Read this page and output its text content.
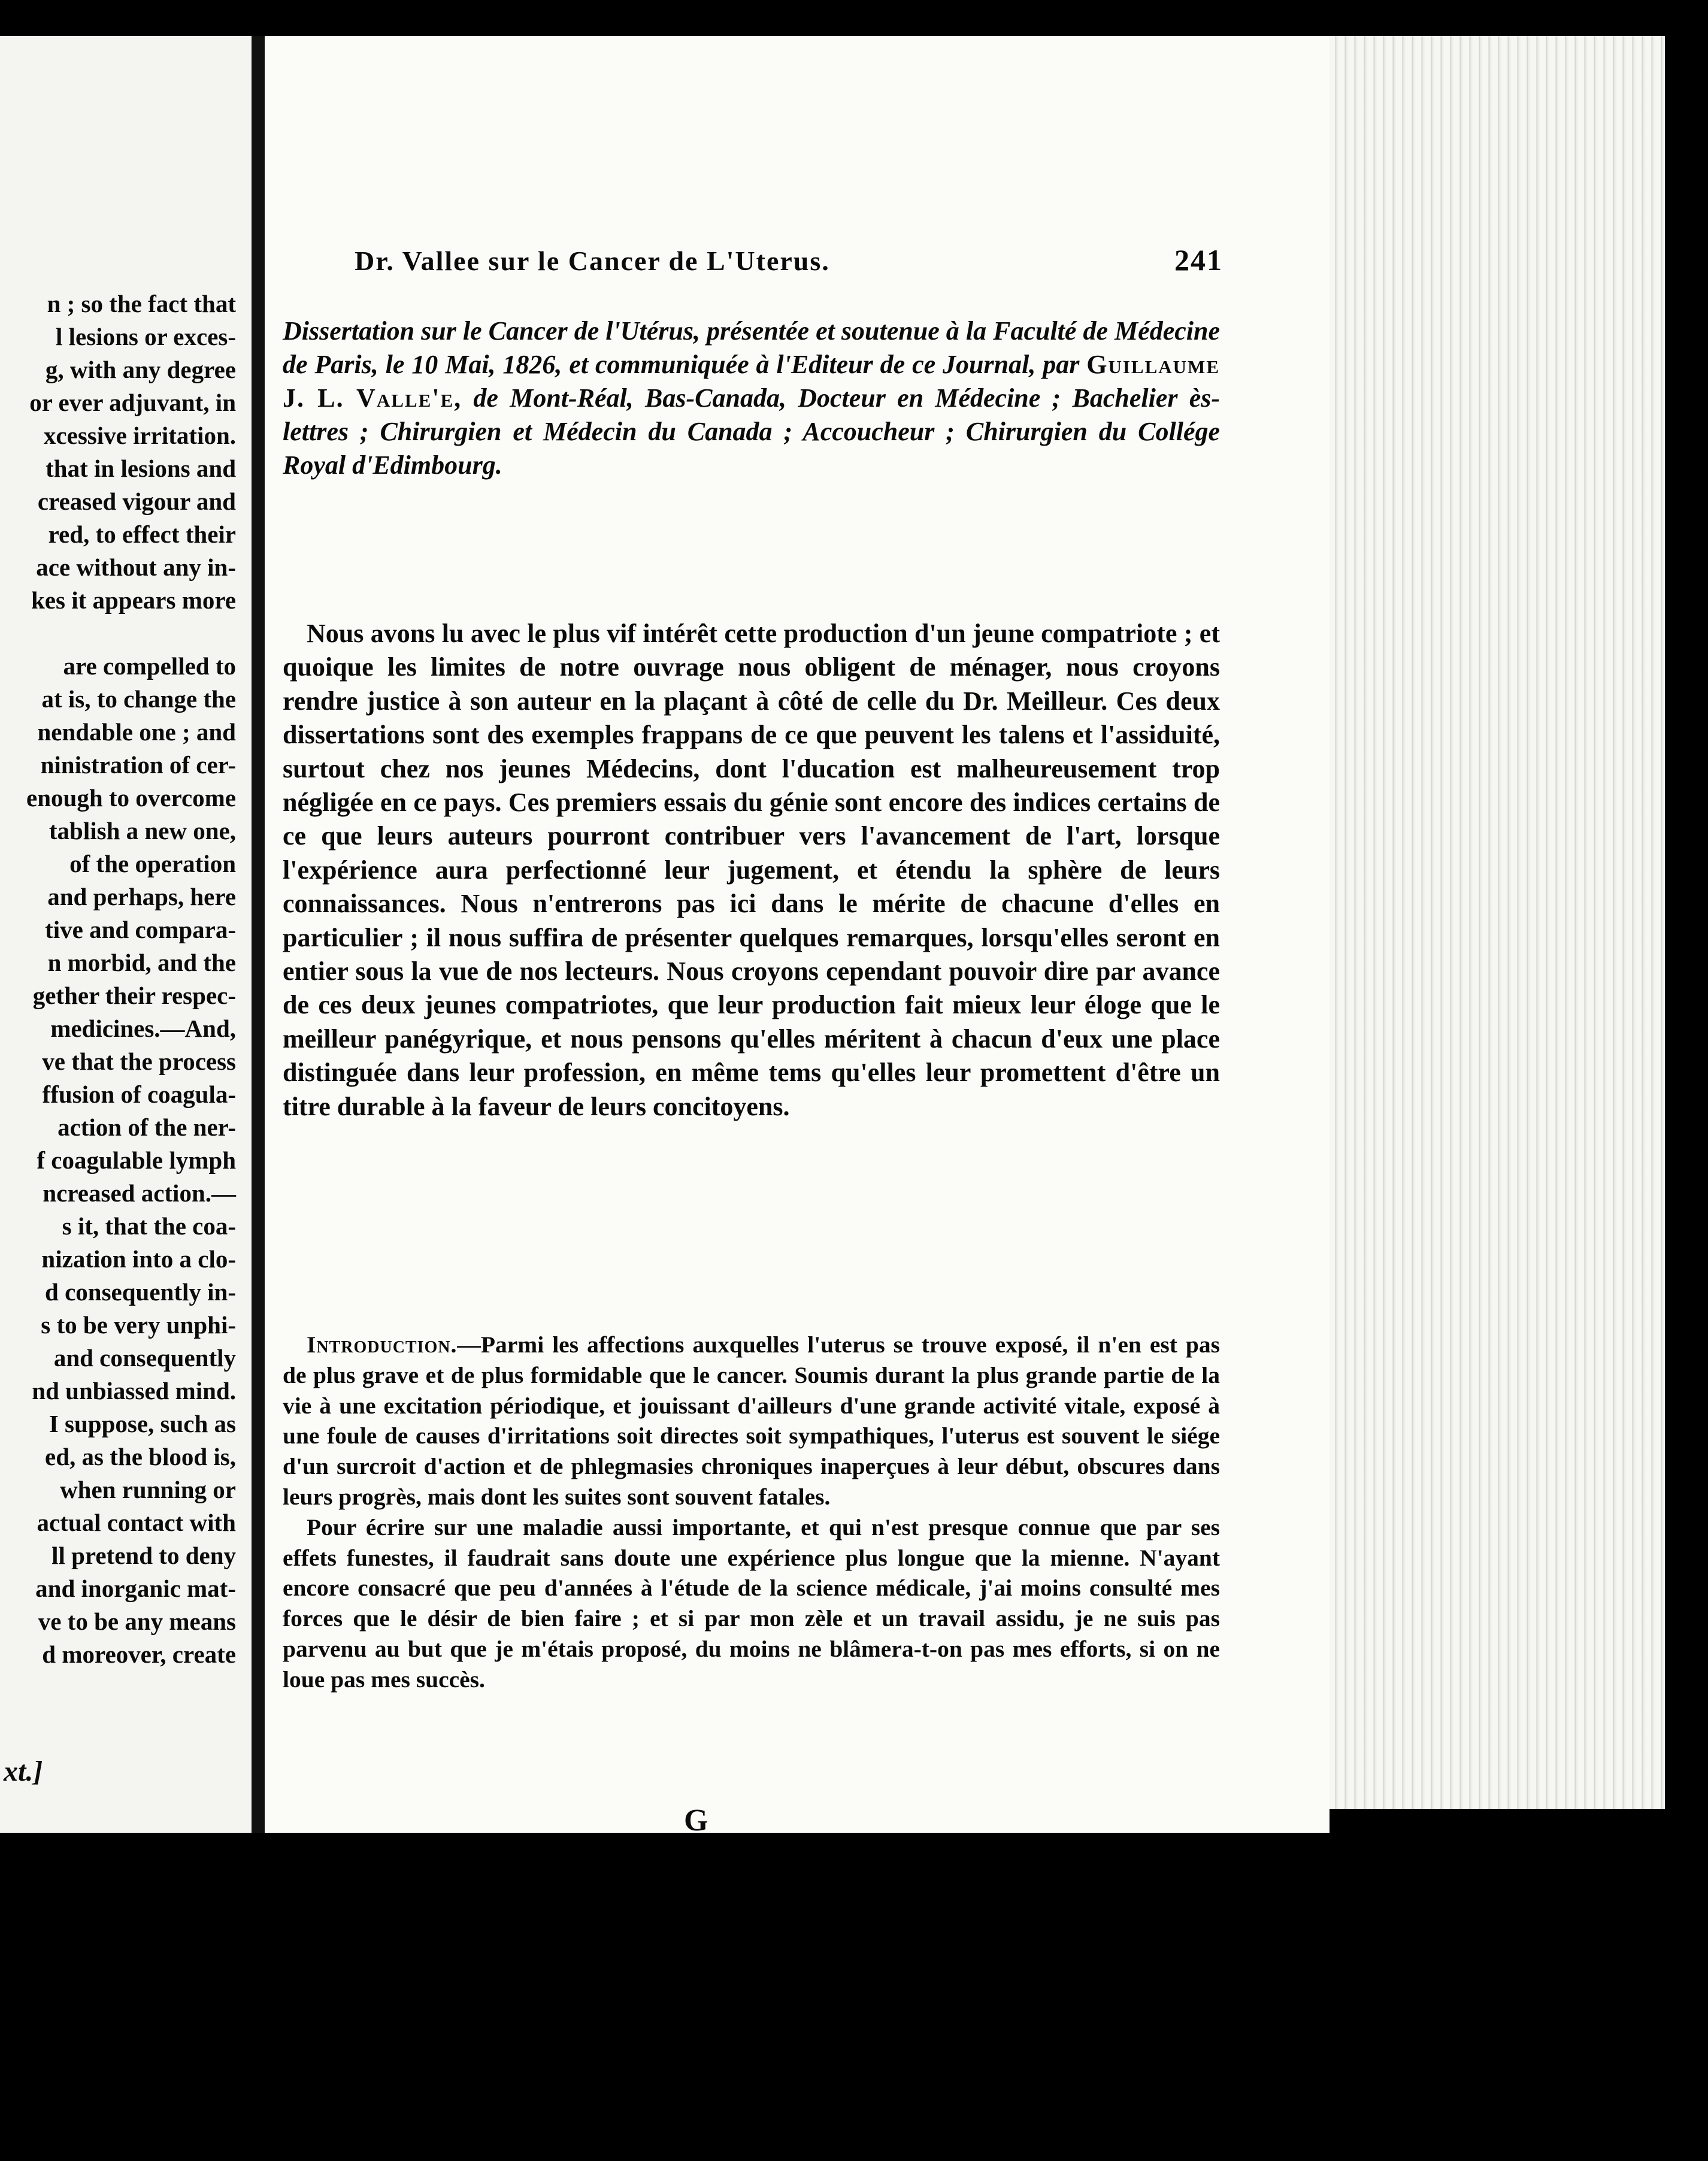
n ; so the fact that
l lesions or exces-
g, with any degree
or ever adjuvant, in
xcessive irritation.
that in lesions and
creased vigour and
red, to effect their
ace without any in-
kes it appears more

are compelled to
at is, to change the
nendable one ; and
ninistration of cer-
enough to overcome
tablish a new one,
of the operation
and perhaps, here
tive and compara-
n morbid, and the
gether their respec-
medicines.—And,
ve that the process
ffusion of coagula-
action of the ner-
f coagulable lymph
ncreased action.—
s it, that the coa-
nization into a clo-
d consequently in-
s to be very unphi-
and consequently
nd unbiassed mind.
I suppose, such as
ed, as the blood is,
when running or
actual contact with
ll pretend to deny
and inorganic mat-
ve to be any means
d moreover, create
xt.]
Dr. Vallee sur le Cancer de L'Uterus.	241
Dissertation sur le Cancer de l'Utérus, présentée et soutenue à la Faculté de Médecine de Paris, le 10 Mai, 1826, et communiquée à l'Editeur de ce Journal, par Guillaume J. L. Valle'e, de Mont-Réal, Bas-Canada, Docteur en Médecine ; Bachelier ès-lettres ; Chirurgien et Médecin du Canada ; Accoucheur ; Chirurgien du Collége Royal d'Edimbourg.
Nous avons lu avec le plus vif intérêt cette production d'un jeune compatriote ; et quoique les limites de notre ouvrage nous obligent de ménager, nous croyons rendre justice à son auteur en la plaçant à côté de celle du Dr. Meilleur. Ces deux dissertations sont des exemples frappans de ce que peuvent les talens et l'assiduité, surtout chez nos jeunes Médecins, dont l'ducation est malheureusement trop négligée en ce pays. Ces premiers essais du génie sont encore des indices certains de ce que leurs auteurs pourront contribuer vers l'avancement de l'art, lorsque l'expérience aura perfectionné leur jugement, et étendu la sphère de leurs connaissances. Nous n'entrerons pas ici dans le mérite de chacune d'elles en particulier ; il nous suffira de présenter quelques remarques, lorsqu'elles seront en entier sous la vue de nos lecteurs. Nous croyons cependant pouvoir dire par avance de ces deux jeunes compatriotes, que leur production fait mieux leur éloge que le meilleur panégyrique, et nous pensons qu'elles méritent à chacun d'eux une place distinguée dans leur profession, en même tems qu'elles leur promettent d'être un titre durable à la faveur de leurs concitoyens.

Introduction.—Parmi les affections auxquelles l'uterus se trouve exposé, il n'en est pas de plus grave et de plus formidable que le cancer. Soumis durant la plus grande partie de la vie à une excitation périodique, et jouissant d'ailleurs d'une grande activité vitale, exposé à une foule de causes d'irritations soit directes soit sympathiques, l'uterus est souvent le siége d'un surcroit d'action et de phlegmasies chroniques inaperçues à leur début, obscures dans leurs progrès, mais dont les suites sont souvent fatales.

Pour écrire sur une maladie aussi importante, et qui n'est presque connue que par ses effets funestes, il faudrait sans doute une expérience plus longue que la mienne. N'ayant encore consacré que peu d'années à l'étude de la science médicale, j'ai moins consulté mes forces que le désir de bien faire ; et si par mon zèle et un travail assidu, je ne suis pas parvenu au but que je m'étais proposé, du moins ne blâmera-t-on pas mes efforts, si on ne loue pas mes succès.

G
